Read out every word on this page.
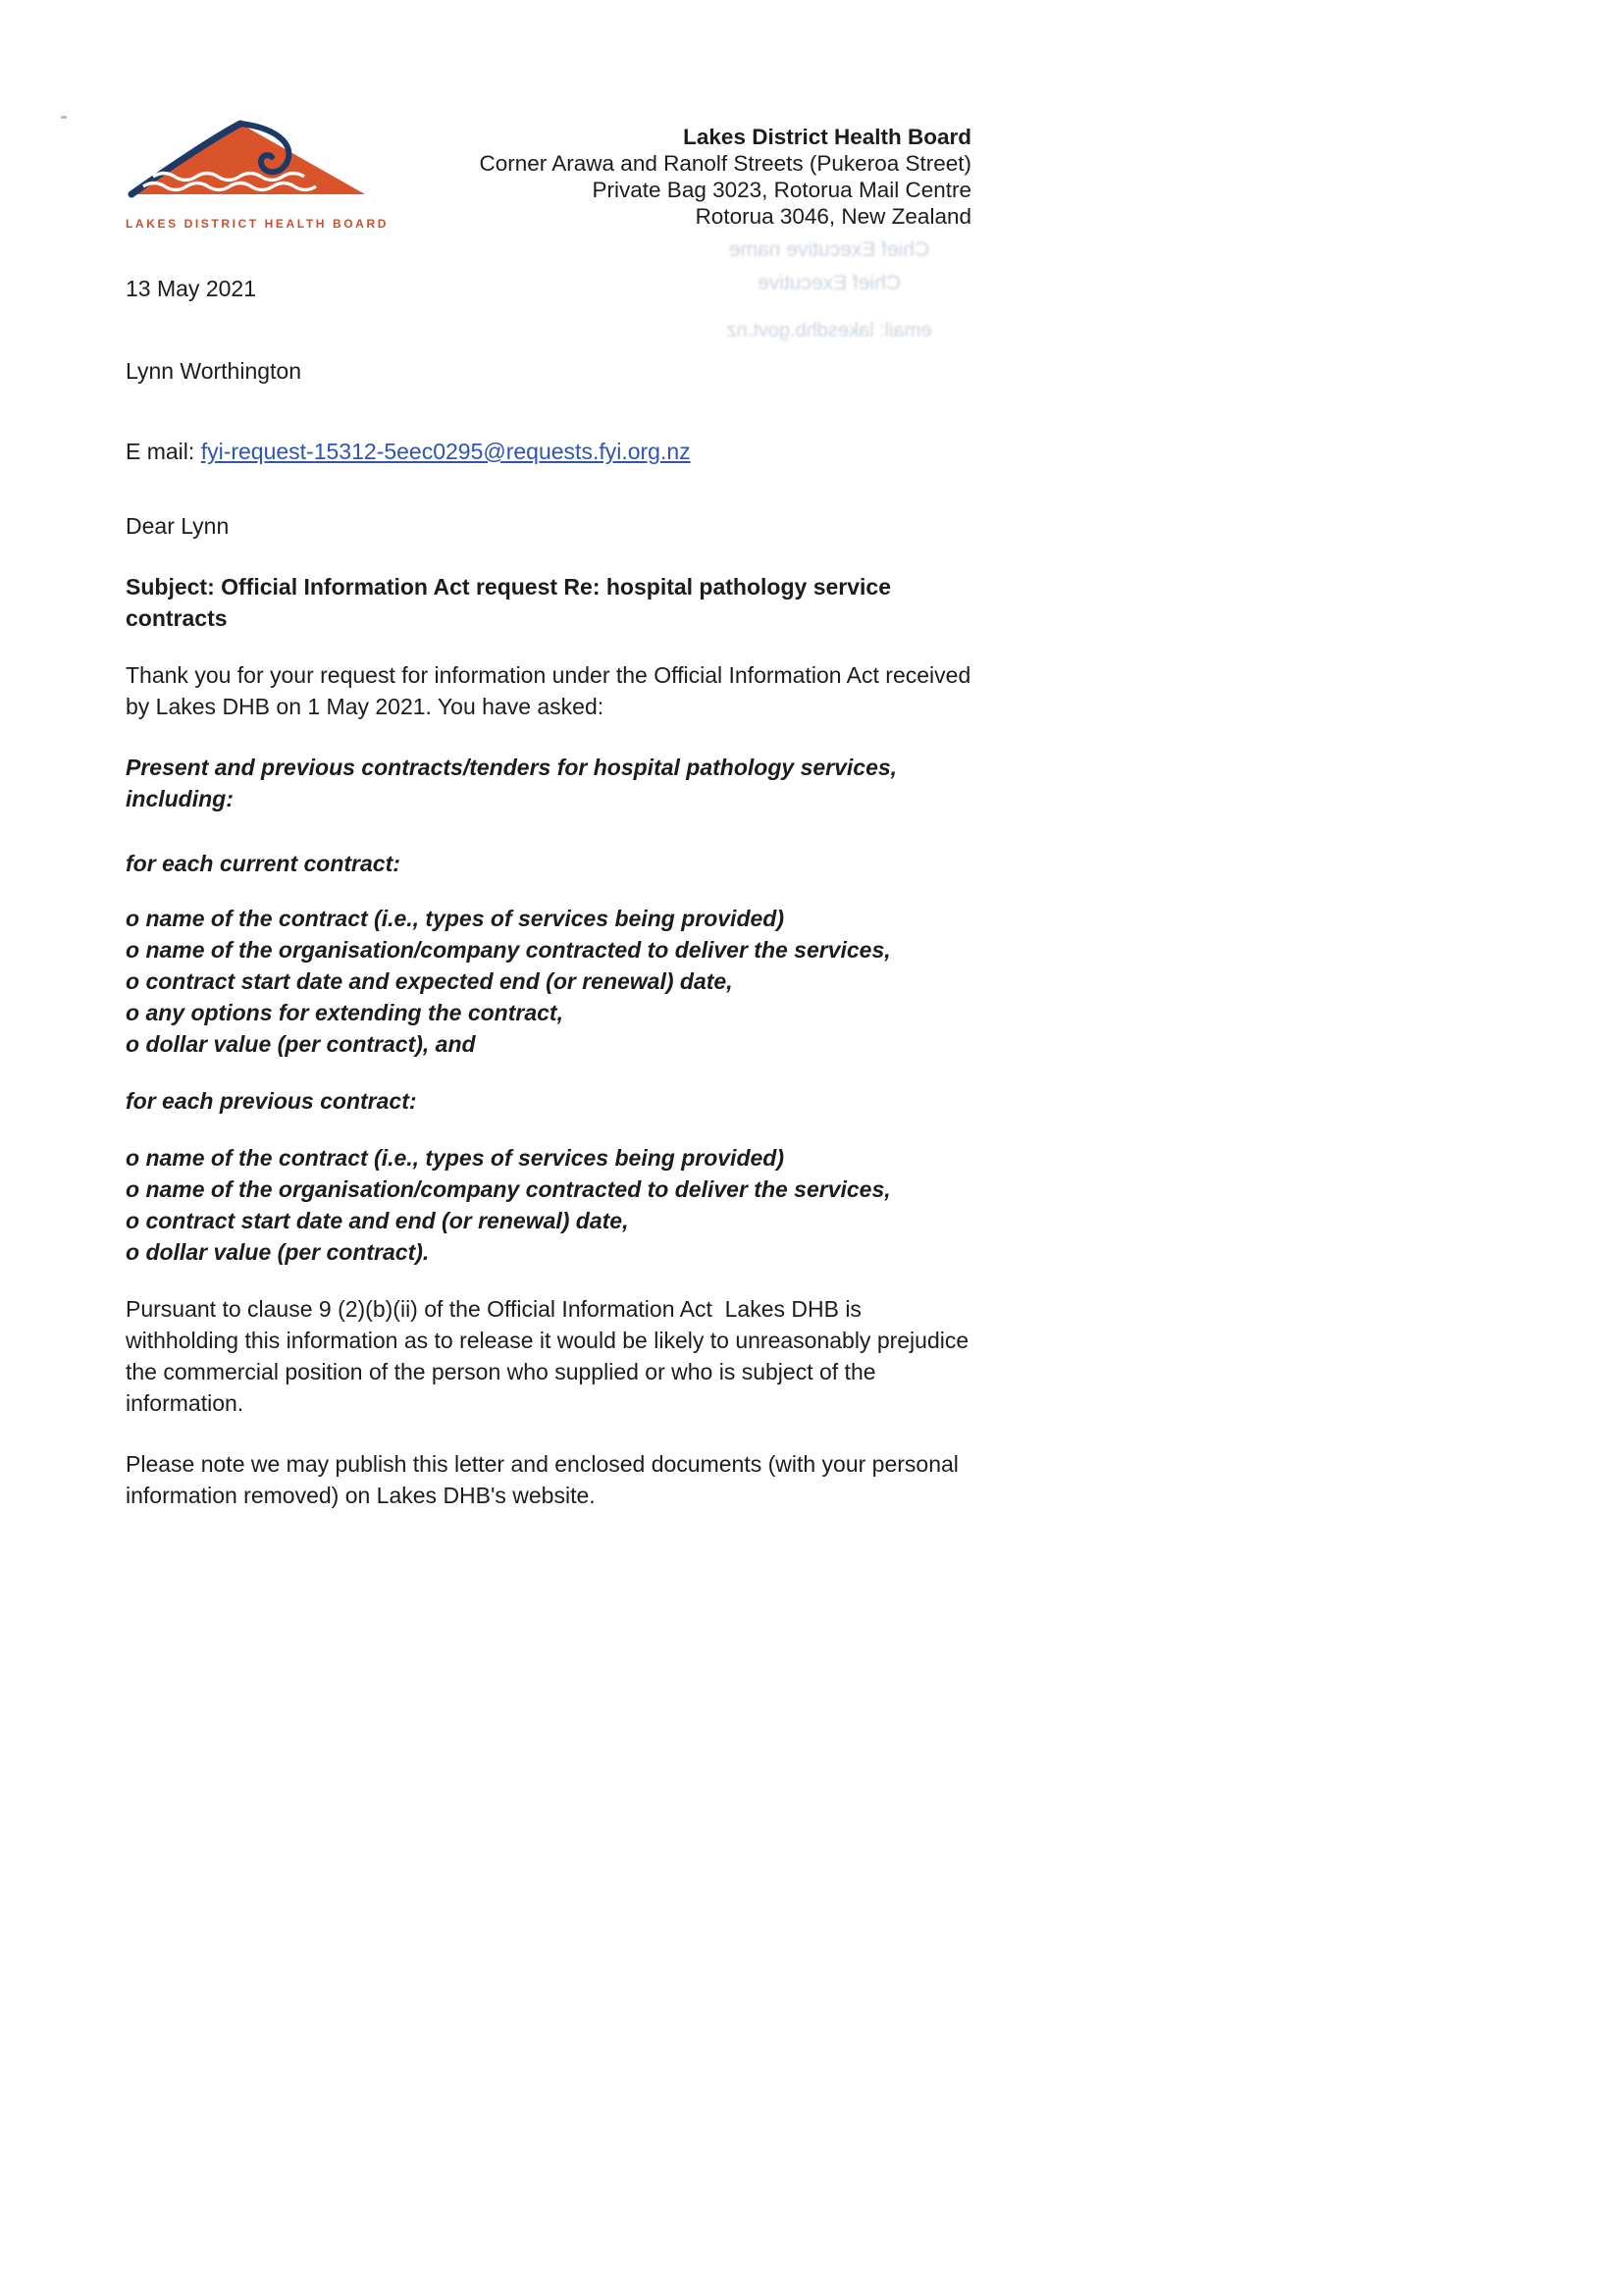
Chief Executive name
Chief Executive
email: lakesdhb.govt.nz
LAKES DISTRICT HEALTH BOARD
Lakes District Health Board
Corner Arawa and Ranolf Streets (Pukeroa Street)
Private Bag 3023, Rotorua Mail Centre
Rotorua 3046, New Zealand
13 May 2021
Lynn Worthington
E mail: fyi-request-15312-5eec0295@requests.fyi.org.nz
Dear Lynn
Subject: Official Information Act request Re: hospital pathology service contracts

Thank you for your request for information under the Official Information Act received by Lakes DHB on 1 May 2021. You have asked:

Present and previous contracts/tenders for hospital pathology services, including:

for each current contract:

o name of the contract (i.e., types of services being provided)
o name of the organisation/company contracted to deliver the services,
o contract start date and expected end (or renewal) date,
o any options for extending the contract,
o dollar value (per contract), and

for each previous contract:

o name of the contract (i.e., types of services being provided)
o name of the organisation/company contracted to deliver the services,
o contract start date and end (or renewal) date,
o dollar value (per contract).

Pursuant to clause 9 (2)(b)(ii) of the Official Information Act  Lakes DHB is withholding this information as to release it would be likely to unreasonably prejudice the commercial position of the person who supplied or who is subject of the information.

Please note we may publish this letter and enclosed documents (with your personal information removed) on Lakes DHB's website.
